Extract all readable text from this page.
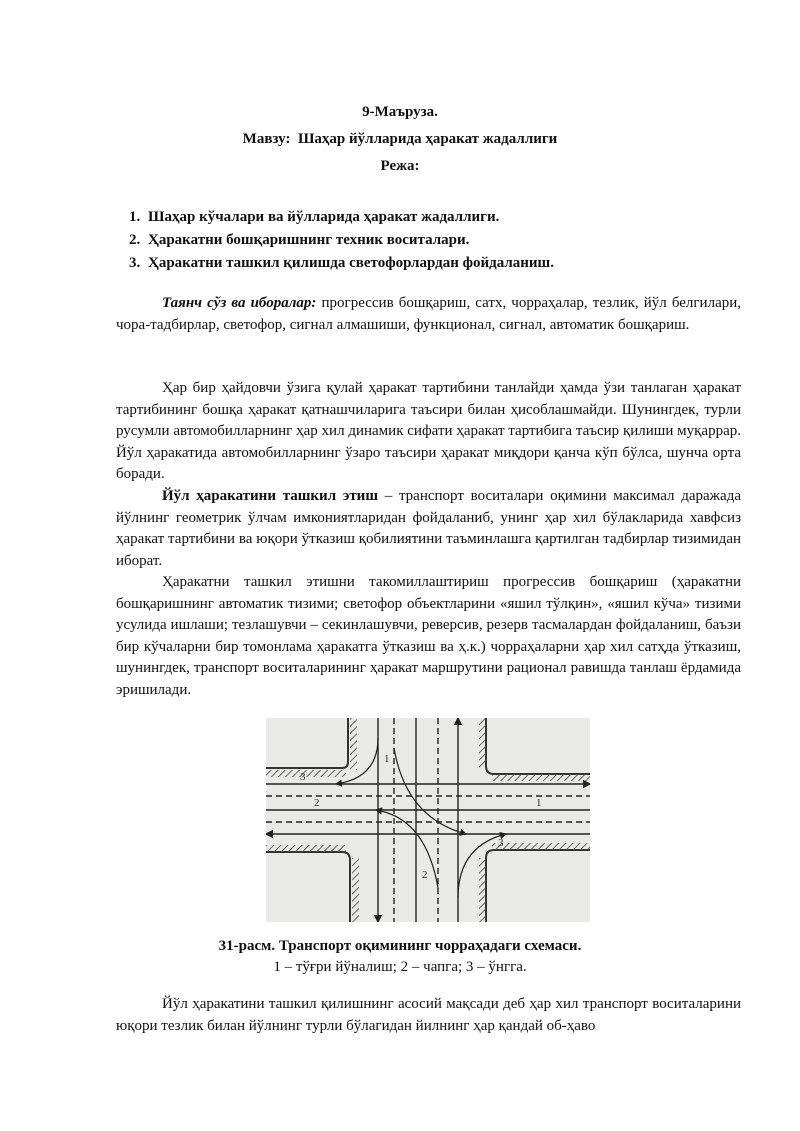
9-Маъруза.
Мавзу: Шаҳар йўлларида ҳаракат жадаллиги
Режа:
1. Шаҳар кўчалари ва йўлларида ҳаракат жадаллиги.
2. Ҳаракатни бошқаришнинг техник воситалари.
3. Ҳаракатни ташкил қилишда светофорлардан фойдаланиш.

Таянч сўз ва иборалар: прогрессив бошқариш, сатх, чорраҳалар, тезлик, йўл белгилари, чора-тадбирлар, светофор, сигнал алмашиши, функционал, сигнал, автоматик бошқариш.

Ҳар бир ҳайдовчи ўзига қулай ҳаракат тартибини танлайди ҳамда ўзи танлаган ҳаракат тартибининг бошқа ҳаракат қатнашчиларига таъсири билан ҳисоблашмайди. Шунингдек, турли русумли автомобилларнинг ҳар хил динамик сифати ҳаракат тартибига таъсир қилиши муқаррар. Йўл ҳаракатида автомобилларнинг ўзаро таъсири ҳаракат миқдори қанча кўп бўлса, шунча орта боради.

Йўл ҳаракатини ташкил этиш – транспорт воситалари оқимини максимал даражада йўлнинг геометрик ўлчам имкониятларидан фойдаланиб, унинг ҳар хил бўлакларида хавфсиз ҳаракат тартибини ва юқори ўтказиш қобилиятини таъминлашга қартилган тадбирлар тизимидан иборат.

Ҳаракатни ташкил этишни такомиллаштириш прогрессив бошқариш (ҳаракатни бошқаришнинг автоматик тизими; светофор объектларини «яшил тўлқин», «яшил кўча» тизими усулида ишлаши; тезлашувчи – секинлашувчи, реверсив, резерв тасмалардан фойдаланиш, баъзи бир кўчаларни бир томонлама ҳаракатга ўтказиш ва ҳ.к.) чорраҳаларни ҳар хил сатҳда ўтказиш, шунингдек, транспорт воситаларининг ҳаракат маршрутини рационал равишда танлаш ёрдамида эришилади.

3
2
1
2
1
3
31-расм. Транспорт оқимининг чорраҳадаги схемаси.
1 – тўғри йўналиш; 2 – чапга; 3 – ўнгга.

Йўл ҳаракатини ташкил қилишнинг асосий мақсади деб ҳар хил транспорт воситаларини юқори тезлик билан йўлнинг турли бўлагидан йилнинг ҳар қандай об-ҳаво
